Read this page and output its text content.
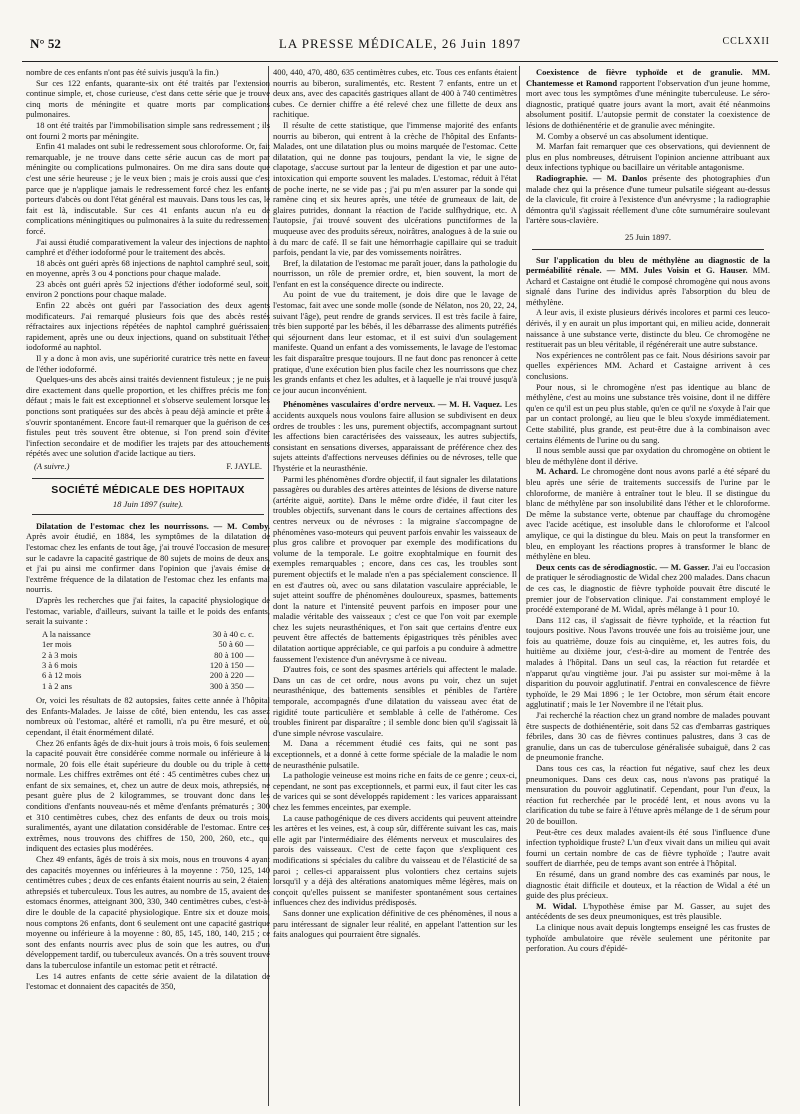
N° 52	LA PRESSE MÉDICALE, 26 Juin 1897	CCLXXII

nombre de ces enfants n'ont pas été suivis jusqu'à la fin.)

Sur ces 122 enfants, quarante-six ont été traités par l'extension continue simple, et, chose curieuse, c'est dans cette série que je trouve cinq morts de méningite et quatre morts par complications pulmonaires.

18 ont été traités par l'immobilisation simple sans redressement ; ils ont fourni 2 morts par méningite.

Enfin 41 malades ont subi le redressement sous chloroforme. Or, fait remarquable, je ne trouve dans cette série aucun cas de mort par méningite ou complications pulmonaires. On me dira sans doute que c'est une série heureuse ; je le veux bien ; mais je crois aussi que c'est parce que je n'applique jamais le redressement forcé chez les enfants porteurs d'abcès ou dont l'état général est mauvais. Dans tous les cas, le fait est là, indiscutable. Sur ces 41 enfants aucun n'a eu de complications méningitiques ou pulmonaires à la suite du redressement forcé.

J'ai aussi étudié comparativement la valeur des injections de naphtol camphré et d'éther iodoformé pour le traitement des abcès.

18 abcès ont guéri après 68 injections de naphtol camphré seul, soit, en moyenne, après 3 ou 4 ponctions pour chaque malade.

23 abcès ont guéri après 52 injections d'éther iodoformé seul, soit, environ 2 ponctions pour chaque malade.

Enfin 22 abcès ont guéri par l'association des deux agents modificateurs. J'ai remarqué plusieurs fois que des abcès restés réfractaires aux injections répétées de naphtol camphré guérissaient rapidement, après une ou deux injections, quand on substituait l'éther iodoformé au naphtol.

Il y a donc à mon avis, une supériorité curatrice très nette en faveur de l'éther iodoformé.

Quelques-uns des abcès ainsi traités deviennent fistuleux ; je ne puis dire exactement dans quelle proportion, et les chiffres précis me font défaut ; mais le fait est exceptionnel et s'observe seulement lorsque les ponctions sont pratiquées sur des abcès à peau déjà amincie et prête à s'ouvrir spontanément. Encore faut-il remarquer que la guérison de ces fistules peut très souvent être obtenue, si l'on prend soin d'éviter l'infection secondaire et de modifier les trajets par des attouchements répétés avec une solution d'acide lactique au tiers.

(A suivre.)	F. JAYLE.
SOCIÉTÉ MÉDICALE DES HOPITAUX
18 Juin 1897 (suite).

Dilatation de l'estomac chez les nourrissons. — M. Comby. Après avoir étudié, en 1884, les symptômes de la dilatation de l'estomac chez les enfants de tout âge, j'ai trouvé l'occasion de mesurer sur le cadavre la capacité gastrique de 80 sujets de moins de deux ans, et j'ai pu ainsi me confirmer dans l'opinion que j'avais émise de l'extrême fréquence de la dilatation de l'estomac chez les enfants mal nourris.

D'après les recherches que j'ai faites, la capacité physiologique de l'estomac, variable, d'ailleurs, suivant la taille et le poids des enfants, serait la suivante :

A la naissance	30 à 40 c. c.
1er mois	50 à 60 —
2 à 3 mois	80 à 100 —
3 à 6 mois	120 à 150 —
6 à 12 mois	200 à 220 —
1 à 2 ans	300 à 350 —

Or, voici les résultats de 82 autopsies, faites cette année à l'hôpital des Enfants-Malades. Je laisse de côté, bien entendu, les cas assez nombreux où l'estomac, altéré et ramolli, n'a pu être mesuré, et où, cependant, il était énormément dilaté.

Chez 26 enfants âgés de dix-huit jours à trois mois, 6 fois seulement la capacité pouvait être considérée comme normale ou inférieure à la normale, 20 fois elle était supérieure du double ou du triple à cette normale. Les chiffres extrêmes ont été : 45 centimètres cubes chez un enfant de six semaines, et, chez un autre de deux mois, athrepsiés, ne pesant guère plus de 2 kilogrammes, se trouvant donc dans les conditions d'enfants nouveau-nés et même d'enfants prématurés ; 300 et 310 centimètres cubes, chez des enfants de deux ou trois mois, suralimentés, ayant une dilatation considérable de l'estomac. Entre ces extrêmes, nous trouvons des chiffres de 150, 200, 260, etc., qui indiquent des ectasies plus modérées.

Chez 49 enfants, âgés de trois à six mois, nous en trouvons 4 ayant des capacités moyennes ou inférieures à la moyenne : 750, 125, 140 centimètres cubes ; deux de ces enfants étaient nourris au sein, 2 étaient athrepsiés et tuberculeux. Tous les autres, au nombre de 15, avaient des estomacs énormes, atteignant 300, 330, 340 centimètres cubes, c'est-à-dire le double de la capacité physiologique. Entre six et douze mois, nous comptons 26 enfants, dont 6 seulement ont une capacité gastrique moyenne ou inférieure à la moyenne : 80, 85, 145, 180, 140, 215 ; ce sont des enfants nourris avec plus de soin que les autres, ou d'un développement tardif, ou tuberculeux avancés. On a très souvent trouvé dans la tuberculose infantile un estomac petit et rétracté.

Les 14 autres enfants de cette série avaient de la dilatation de l'estomac et donnaient des capacités de 350,

400, 440, 470, 480, 635 centimètres cubes, etc. Tous ces enfants étaient nourris au biberon, suralimentés, etc. Restent 7 enfants, entre un et deux ans, avec des capacités gastriques allant de 400 à 740 centimètres cubes. Ce dernier chiffre a été relevé chez une fillette de deux ans rachitique.

Il résulte de cette statistique, que l'immense majorité des enfants nourris au biberon, qui entrent à la crèche de l'hôpital des Enfants-Malades, ont une dilatation plus ou moins marquée de l'estomac. Cette dilatation, qui ne donne pas toujours, pendant la vie, le signe de clapotage, s'accuse surtout par la lenteur de digestion et par une auto-intoxication qui emporte souvent les malades. L'estomac, réduit à l'état de poche inerte, ne se vide pas ; j'ai pu m'en assurer par la sonde qui ramène cinq et six heures après, une tétée de grumeaux de lait, de glaires putrides, donnant la réaction de l'acide sulfhydrique, etc. A l'autopsie, j'ai trouvé souvent des ulcérations punctiformes de la muqueuse avec des produits séreux, noirâtres, analogues à de la suie ou à du marc de café. Il se fait une hémorrhagie capillaire qui se traduit parfois, pendant la vie, par des vomissements noirâtres.

Bref, la dilatation de l'estomac me paraît jouer, dans la pathologie du nourrisson, un rôle de premier ordre, et, bien souvent, la mort de l'enfant en est la conséquence directe ou indirecte.

Au point de vue du traitement, je dois dire que le lavage de l'estomac, fait avec une sonde molle (sonde de Nélaton, nos 20, 22, 24, suivant l'âge), peut rendre de grands services. Il est très facile à faire, très bien supporté par les bébés, il les débarrasse des aliments putréfiés qui séjournent dans leur estomac, et il est suivi d'un soulagement manifeste. Quand un enfant a des vomissements, le lavage de l'estomac les fait disparaître presque toujours. Il ne faut donc pas renoncer à cette pratique, d'une exécution bien plus facile chez les nourrissons que chez les grands enfants et chez les adultes, et à laquelle je n'ai trouvé jusqu'à ce jour aucun inconvénient.

Phénomènes vasculaires d'ordre nerveux. — M. H. Vaquez. Les accidents auxquels nous voulons faire allusion se subdivisent en deux ordres de troubles : les uns, purement objectifs, accompagnant surtout les affections bien caractérisées des vaisseaux, les autres subjectifs, consistant en sensations diverses, apparaissant de préférence chez des sujets atteints d'affections nerveuses définies ou de névroses, telle que l'hystérie et la neurasthénie.

Parmi les phénomènes d'ordre objectif, il faut signaler les dilatations passagères ou durables des artères atteintes de lésions de diverse nature (artérite aiguë, aortite). Dans le même ordre d'idée, il faut citer les troubles objectifs, survenant dans le cours de certaines affections des centres nerveux ou de névroses : la migraine s'accompagne de phénomènes vaso-moteurs qui peuvent parfois envahir les vaisseaux de plus gros calibre et provoquer par exemple des modifications du volume de la temporale. Le goitre exophtalmique en fournit des exemples remarquables ; encore, dans ces cas, les troubles sont purement objectifs et le malade n'en a pas spécialement conscience. Il en est d'autres où, avec ou sans dilatation vasculaire appréciable, le sujet atteint souffre de phénomènes douloureux, spasmes, battements dont la nature et l'intensité peuvent parfois en imposer pour une maladie véritable des vaisseaux ; c'est ce que l'on voit par exemple chez les sujets neurasthéniques, et l'on sait que certains d'entre eux peuvent être affectés de battements épigastriques très pénibles avec dilatation aortique appréciable, ce qui parfois a pu conduire à admettre faussement l'existence d'un anévrysme à ce niveau.

D'autres fois, ce sont des spasmes artériels qui affectent le malade. Dans un cas de cet ordre, nous avons pu voir, chez un sujet neurasthénique, des battements sensibles et pénibles de l'artère temporale, accompagnés d'une dilatation du vaisseau avec état de rigidité toute particulière et semblable à celle de l'athérome. Ces troubles finirent par disparaître ; il semble donc bien qu'il s'agissait là d'une simple névrose vasculaire.

M. Dana a récemment étudié ces faits, qui ne sont pas exceptionnels, et a donné à cette forme spéciale de la maladie le nom de neurasthénie pulsatile.

La pathologie veineuse est moins riche en faits de ce genre ; ceux-ci, cependant, ne sont pas exceptionnels, et parmi eux, il faut citer les cas de varices qui se sont développés rapidement : les varices apparaissant chez les femmes enceintes, par exemple.

La cause pathogénique de ces divers accidents qui peuvent atteindre les artères et les veines, est, à coup sûr, différente suivant les cas, mais elle agit par l'intermédiaire des éléments nerveux et musculaires des parois des vaisseaux. C'est de cette façon que s'expliquent ces modifications si spéciales du calibre du vaisseau et de l'élasticité de sa paroi ; celles-ci apparaissent plus volontiers chez certains sujets lorsqu'il y a déjà des altérations anatomiques même légères, mais on conçoit qu'elles puissent se manifester spontanément sous certaines influences chez des individus prédisposés.

Sans donner une explication définitive de ces phénomènes, il nous a paru intéressant de signaler leur réalité, en appelant l'attention sur les faits analogues qui pourraient être signalés.

Coexistence de fièvre typhoïde et de granulie. MM. Chantemesse et Ramond rapportent l'observation d'un jeune homme, mort avec tous les symptômes d'une méningite tuberculeuse. Le séro-diagnostic, pratiqué quatre jours avant la mort, avait été néanmoins absolument positif. L'autopsie permit de constater la coexistence de lésions de dothiénentérie et de granulie avec méningite.

M. Comby a observé un cas absolument identique.

M. Marfan fait remarquer que ces observations, qui deviennent de plus en plus nombreuses, détruisent l'opinion ancienne attribuant aux deux infections typhique ou bacillaire un véritable antagonisme.

Radiographie. — M. Danlos présente des photographies d'un malade chez qui la présence d'une tumeur pulsatile siégeant au-dessus de la clavicule, fit croire à l'existence d'un anévrysme ; la radiographie démontra qu'il s'agissait réellement d'une côte surnuméraire soulevant l'artère sous-clavière.

25 Juin 1897.

Sur l'application du bleu de méthylène au diagnostic de la perméabilité rénale. — MM. Jules Voisin et G. Hauser. MM. Achard et Castaigne ont étudié le composé chromogène qui nous avons signalé dans l'urine des individus après l'absorption du bleu de méthylène.

A leur avis, il existe plusieurs dérivés incolores et parmi ces leuco-dérivés, il y en aurait un plus important qui, en milieu acide, donnerait naissance à une substance verte, distincte du bleu. Ce chromogène ne restituerait pas un bleu véritable, il régénérerait une autre substance.

Nos expériences ne contrôlent pas ce fait. Nous désirions savoir par quelles expériences MM. Achard et Castaigne arrivent à ces conclusions.

Pour nous, si le chromogène n'est pas identique au blanc de méthylène, c'est au moins une substance très voisine, dont il ne diffère qu'en ce qu'il est un peu plus stable, qu'en ce qu'il ne s'oxyde à l'air que par un contact prolongé, au lieu que le bleu s'oxyde immédiatement. Cette stabilité, plus grande, est peut-être due à la combinaison avec certains éléments de l'urine ou du sang.

Il nous semble aussi que par oxydation du chromogène on obtient le bleu de méthylène dont il dérive.

M. Achard. Le chromogène dont nous avons parlé a été séparé du bleu après une série de traitements successifs de l'urine par le chloroforme, de manière à entraîner tout le bleu. Il se distingue du blanc de méthylène par son insolubilité dans l'éther et le chloroforme. De même la substance verte, obtenue par chauffage du chromogène avec l'acide acétique, est insoluble dans le chloroforme et l'alcool amylique, ce qui la distingue du bleu. Mais on peut la transformer en bleu, en employant les réactions propres à transformer le blanc de méthylène en bleu.

Deux cents cas de sérodiagnostic. — M. Gasser. J'ai eu l'occasion de pratiquer le sérodiagnostic de Widal chez 200 malades. Dans chacun de ces cas, le diagnostic de fièvre typhoïde pouvait être discuté le premier jour de l'observation clinique. J'ai constamment employé le procédé extemporané de M. Widal, après mélange à 1 pour 10.

Dans 112 cas, il s'agissait de fièvre typhoïde, et la réaction fut toujours positive. Nous l'avons trouvée une fois au troisième jour, une fois au quatrième, douze fois au cinquième, et, les autres fois, du huitième au dixième jour, c'est-à-dire au moment de l'entrée des malades à l'hôpital. Dans un seul cas, la réaction fut retardée et n'apparut qu'au vingtième jour. J'ai pu assister sur moi-même à la disparition du pouvoir agglutinatif. J'entrai en convalescence de fièvre typhoïde, le 29 Mai 1896 ; le 1er Octobre, mon sérum était encore agglutinatif ; mais le 1er Novembre il ne l'était plus.

J'ai recherché la réaction chez un grand nombre de malades pouvant être suspects de dothiénentérie, soit dans 52 cas d'embarras gastriques fébriles, dans 30 cas de fièvres continues palustres, dans 3 cas de granulie, dans un cas de tuberculose généralisée subaiguë, dans 2 cas de pneumonie franche.

Dans tous ces cas, la réaction fut négative, sauf chez les deux pneumoniques. Dans ces deux cas, nous n'avons pas pratiqué la mensuration du pouvoir agglutinatif. Cependant, pour l'un d'eux, la réaction fut recherchée par le procédé lent, et nous avons vu la clarification du tube se faire à l'étuve après mélange de 1 de sérum pour 20 de bouillon.

Peut-être ces deux malades avaient-ils été sous l'influence d'une infection typhoïdique fruste? L'un d'eux vivait dans un milieu qui avait fourni un certain nombre de cas de fièvre typhoïde ; l'autre avait souffert de diarrhée, peu de temps avant son entrée à l'hôpital.

En résumé, dans un grand nombre des cas examinés par nous, le diagnostic était difficile et douteux, et la réaction de Widal a été un guide des plus précieux.

M. Widal. L'hypothèse émise par M. Gasser, au sujet des antécédents de ses deux pneumoniques, est très plausible.

La clinique nous avait depuis longtemps enseigné les cas frustes de typhoïde ambulatoire que révèle seulement une péritonite par perforation. Au cours d'épidé-
